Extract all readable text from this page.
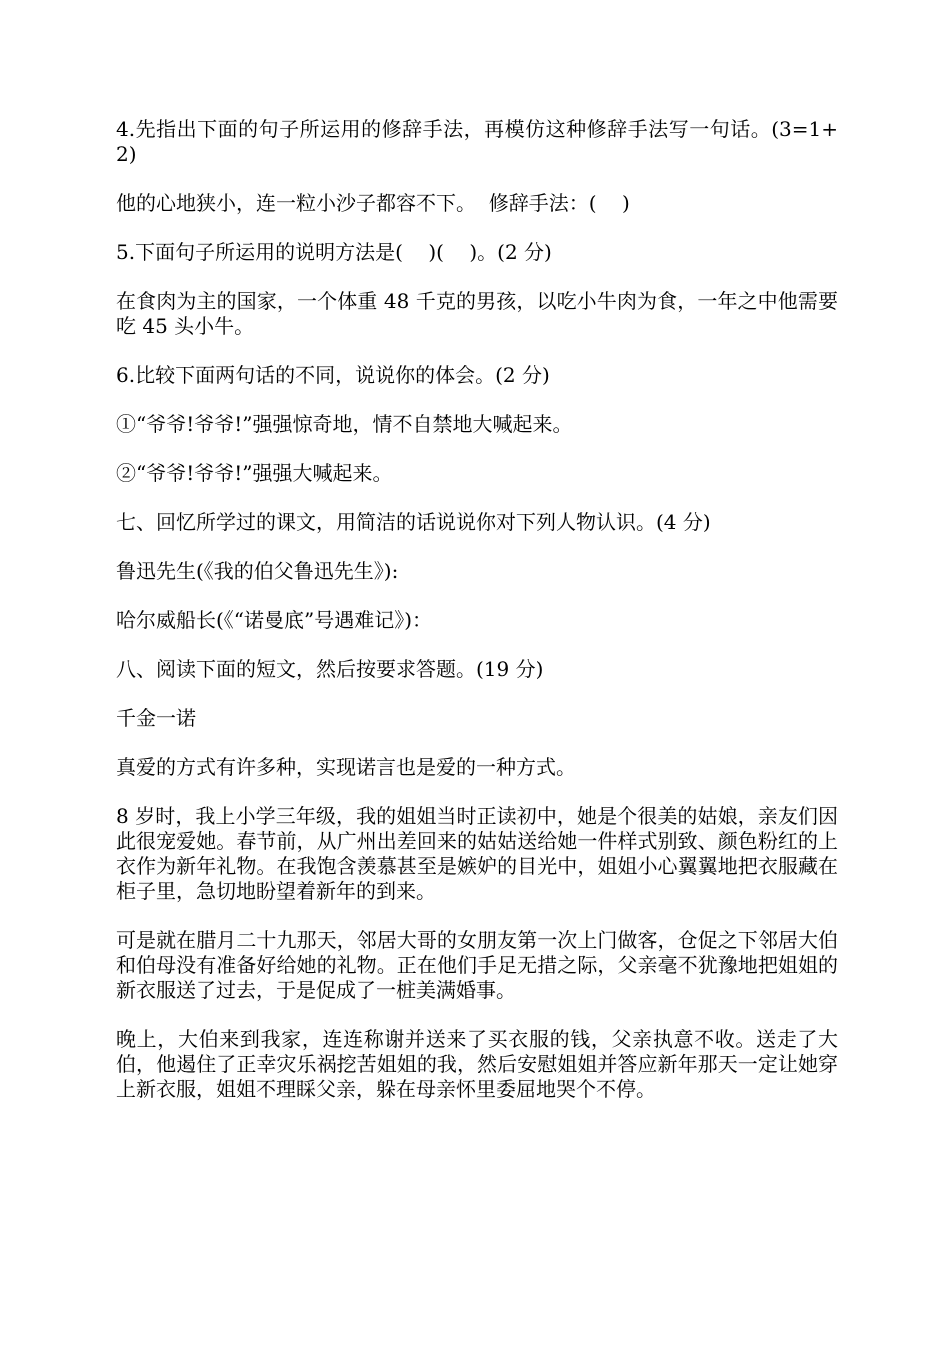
4.先指出下面的句子所运用的修辞手法，再模仿这种修辞手法写一句话。(3=1+2)

他的心地狭小，连一粒小沙子都容不下。  修辞手法：(    )

5.下面句子所运用的说明方法是(    )(    )。(2 分)

在食肉为主的国家，一个体重 48 千克的男孩，以吃小牛肉为食，一年之中他需要吃 45 头小牛。

6.比较下面两句话的不同，说说你的体会。(2 分)

①“爷爷!爷爷!”强强惊奇地，情不自禁地大喊起来。

②“爷爷!爷爷!”强强大喊起来。

七、回忆所学过的课文，用简洁的话说说你对下列人物认识。(4 分)

鲁迅先生(《我的伯父鲁迅先生》):

哈尔威船长(《“诺曼底”号遇难记》)：

八、阅读下面的短文，然后按要求答题。(19 分)

千金一诺

真爱的方式有许多种，实现诺言也是爱的一种方式。

8 岁时，我上小学三年级，我的姐姐当时正读初中，她是个很美的姑娘，亲友们因此很宠爱她。春节前，从广州出差回来的姑姑送给她一件样式别致、颜色粉红的上衣作为新年礼物。在我饱含羡慕甚至是嫉妒的目光中，姐姐小心翼翼地把衣服藏在柜子里，急切地盼望着新年的到来。

可是就在腊月二十九那天，邻居大哥的女朋友第一次上门做客，仓促之下邻居大伯和伯母没有准备好给她的礼物。正在他们手足无措之际，父亲毫不犹豫地把姐姐的新衣服送了过去，于是促成了一桩美满婚事。

晚上，大伯来到我家，连连称谢并送来了买衣服的钱，父亲执意不收。送走了大伯，他遏住了正幸灾乐祸挖苦姐姐的我，然后安慰姐姐并答应新年那天一定让她穿上新衣服，姐姐不理睬父亲，躲在母亲怀里委屈地哭个不停。
